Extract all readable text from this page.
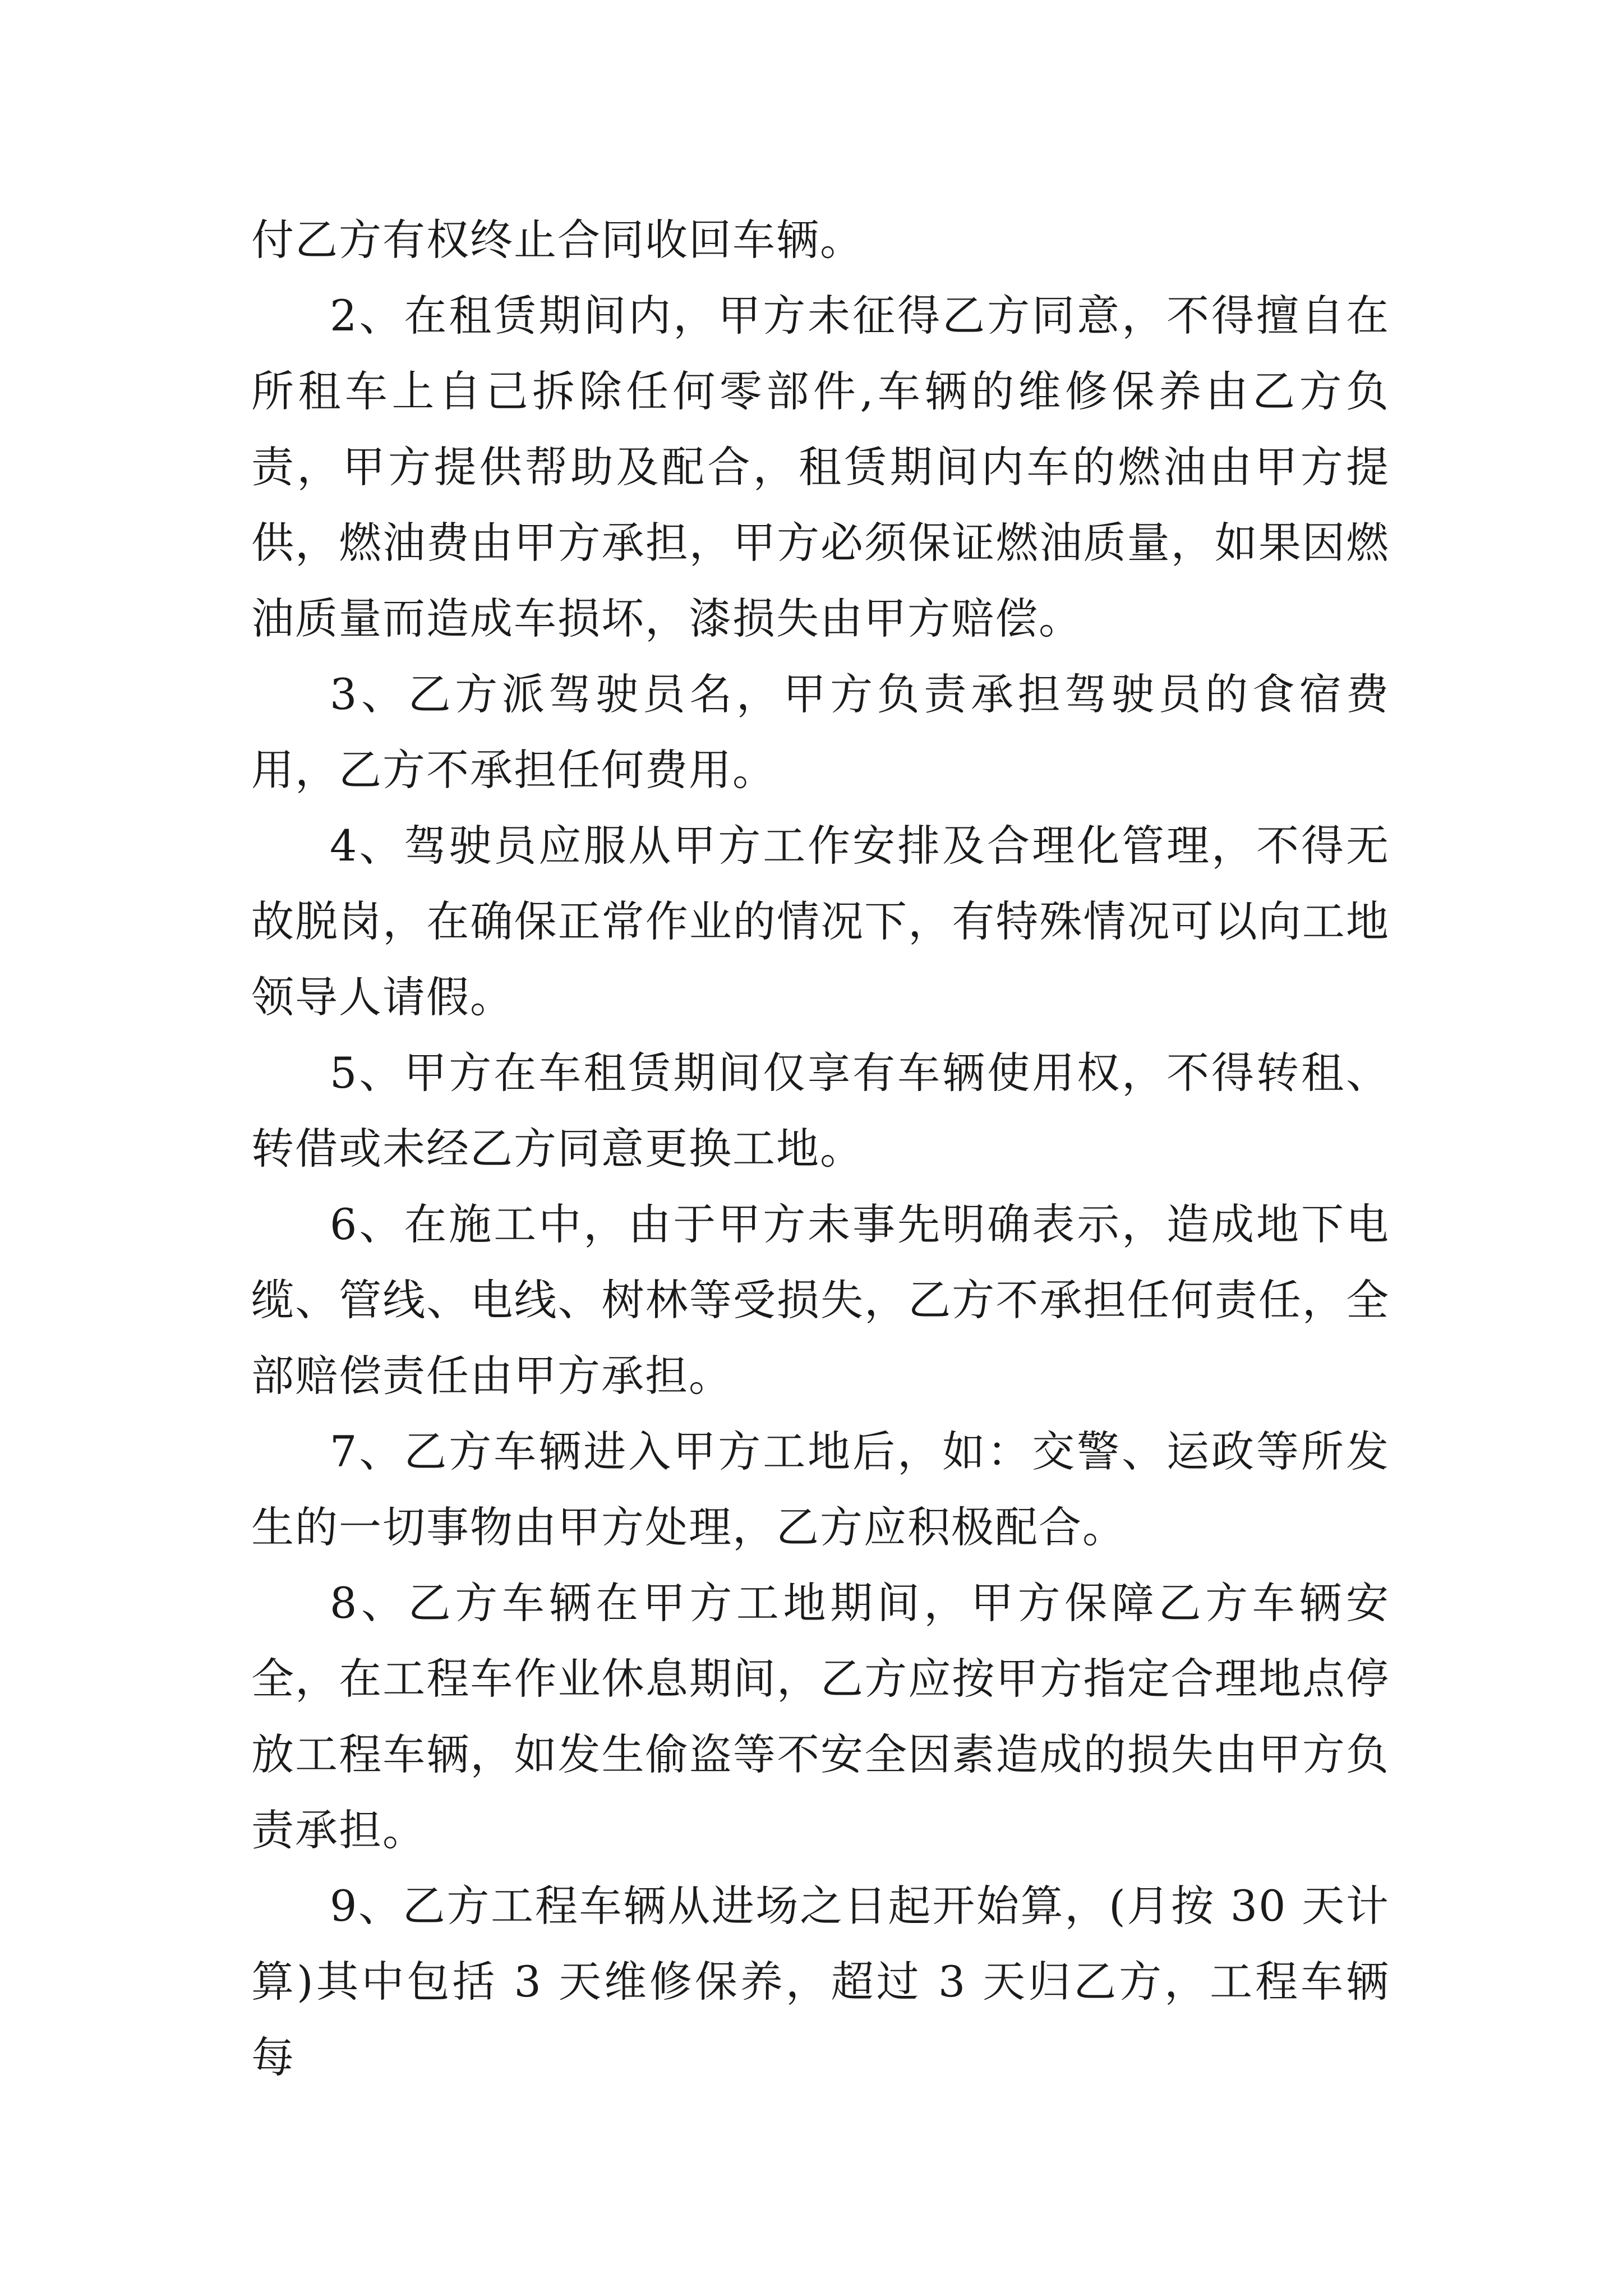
付乙方有权终止合同收回车辆。

2、在租赁期间内，甲方未征得乙方同意，不得擅自在所租车上自己拆除任何零部件,车辆的维修保养由乙方负责，甲方提供帮助及配合，租赁期间内车的燃油由甲方提供，燃油费由甲方承担，甲方必须保证燃油质量，如果因燃油质量而造成车损坏，漆损失由甲方赔偿。

3、乙方派驾驶员名，甲方负责承担驾驶员的食宿费用，乙方不承担任何费用。

4、驾驶员应服从甲方工作安排及合理化管理，不得无故脱岗，在确保正常作业的情况下，有特殊情况可以向工地领导人请假。

5、甲方在车租赁期间仅享有车辆使用权，不得转租、转借或未经乙方同意更换工地。

6、在施工中，由于甲方未事先明确表示，造成地下电缆、管线、电线、树林等受损失，乙方不承担任何责任，全部赔偿责任由甲方承担。

7、乙方车辆进入甲方工地后，如：交警、运政等所发生的一切事物由甲方处理，乙方应积极配合。

8、乙方车辆在甲方工地期间，甲方保障乙方车辆安全，在工程车作业休息期间，乙方应按甲方指定合理地点停放工程车辆，如发生偷盗等不安全因素造成的损失由甲方负责承担。

9、乙方工程车辆从进场之日起开始算，(月按 30 天计算)其中包括 3 天维修保养，超过 3 天归乙方，工程车辆每
